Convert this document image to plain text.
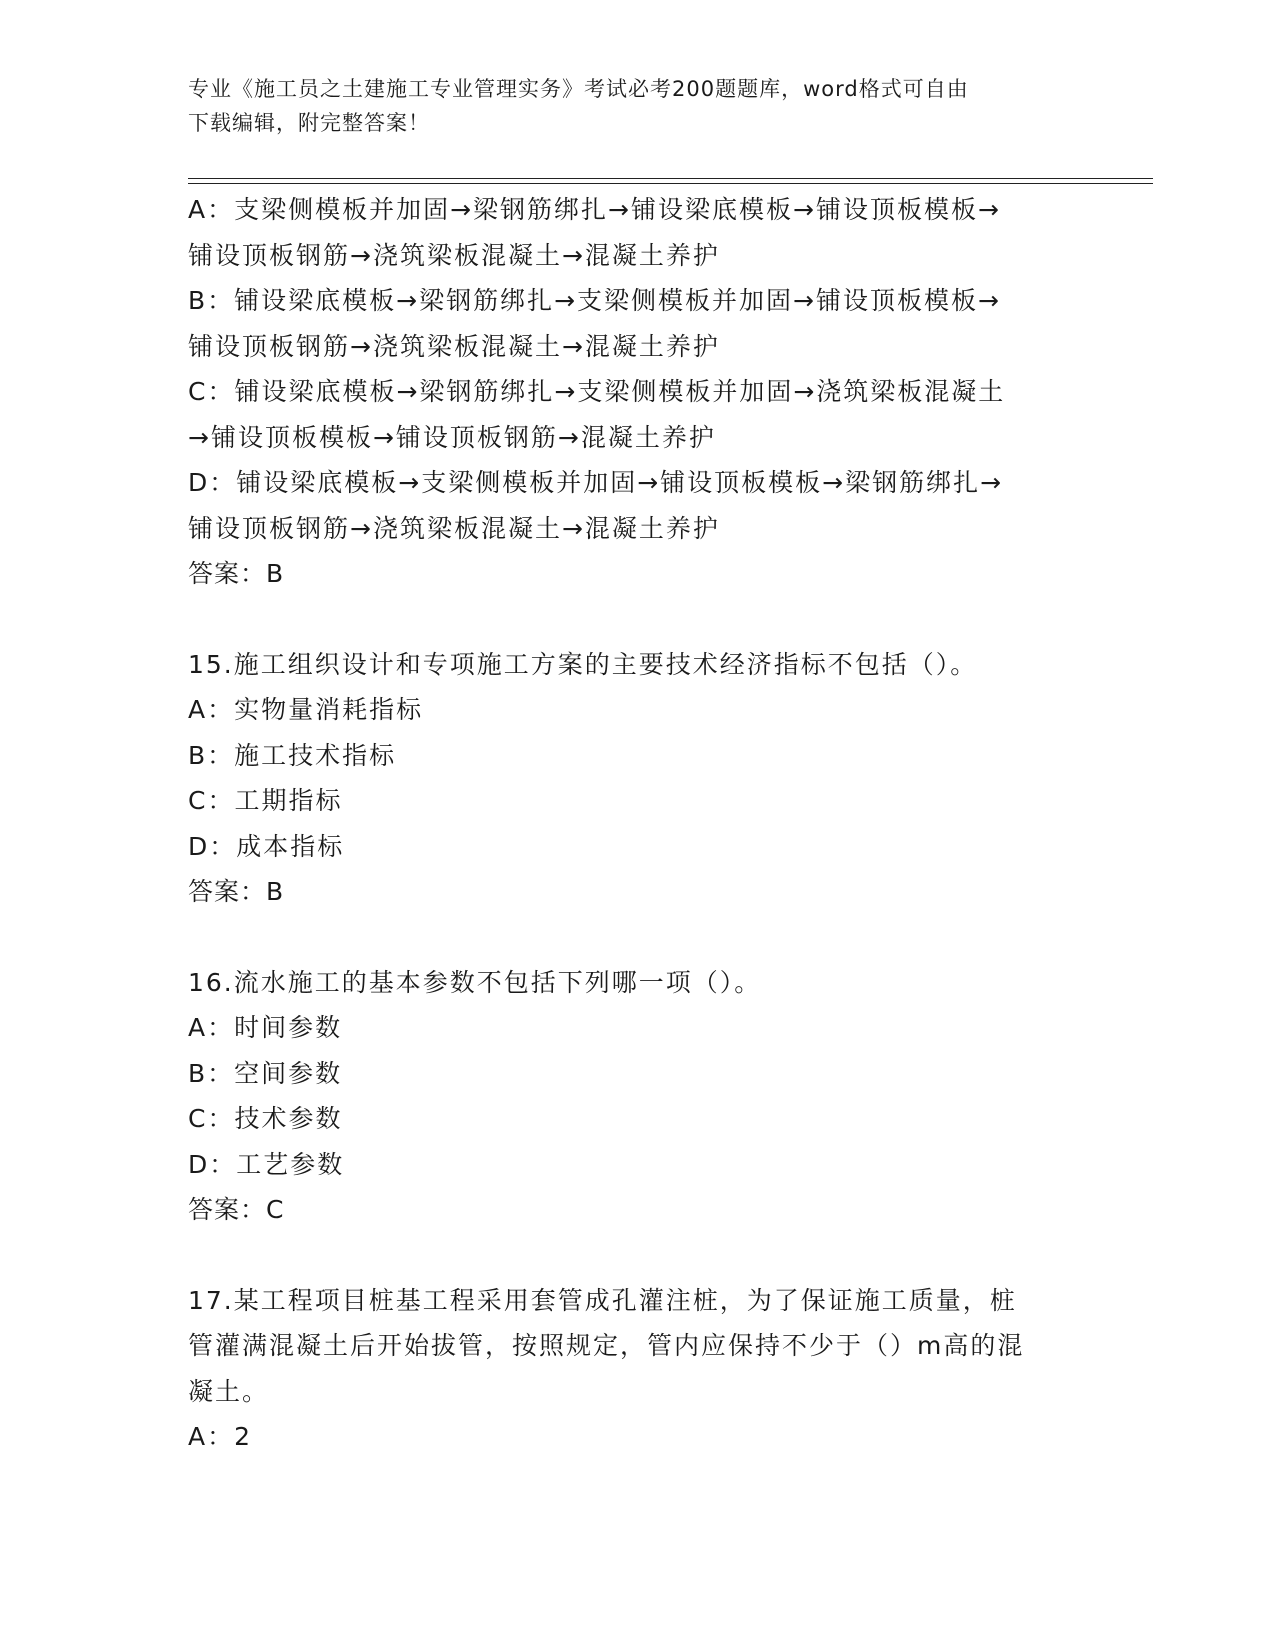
专业《施工员之土建施工专业管理实务》考试必考200题题库，word格式可自由
下载编辑，附完整答案！
A：支梁侧模板并加固→梁钢筋绑扎→铺设梁底模板→铺设顶板模板→
铺设顶板钢筋→浇筑梁板混凝土→混凝土养护
B：铺设梁底模板→梁钢筋绑扎→支梁侧模板并加固→铺设顶板模板→
铺设顶板钢筋→浇筑梁板混凝土→混凝土养护
C：铺设梁底模板→梁钢筋绑扎→支梁侧模板并加固→浇筑梁板混凝土
→铺设顶板模板→铺设顶板钢筋→混凝土养护
D：铺设梁底模板→支梁侧模板并加固→铺设顶板模板→梁钢筋绑扎→
铺设顶板钢筋→浇筑梁板混凝土→混凝土养护
答案：B
15.施工组织设计和专项施工方案的主要技术经济指标不包括（）。
A：实物量消耗指标
B：施工技术指标
C：工期指标
D：成本指标
答案：B
16.流水施工的基本参数不包括下列哪一项（）。
A：时间参数
B：空间参数
C：技术参数
D：工艺参数
答案：C
17.某工程项目桩基工程采用套管成孔灌注桩，为了保证施工质量，桩
管灌满混凝土后开始拔管，按照规定，管内应保持不少于（）m高的混
凝土。
A：2
